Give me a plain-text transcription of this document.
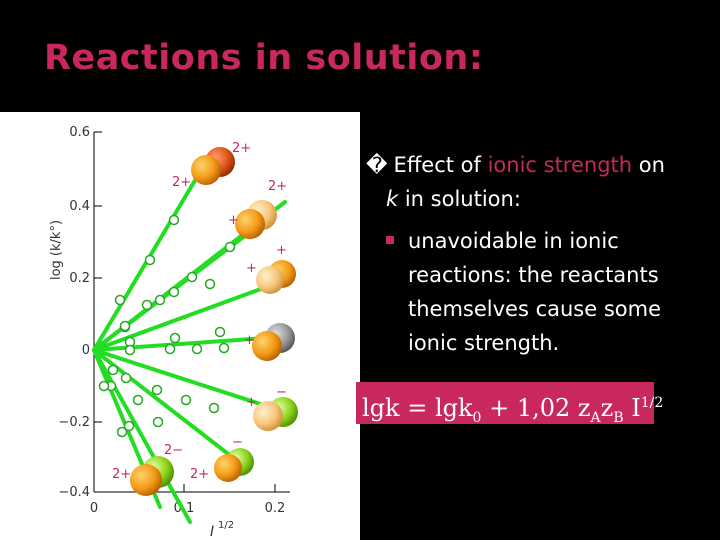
Reactions in solution:
0.6
0.4
0.2
0
−0.2
−0.4
0	0.1	0.2
log (k/k°)
I 1/2
2+
2+	2+
+
+
+
+
+
−
2−
−
2+	2+
� Effect of ionic strength on
k in solution:
unavoidable in ionic reactions: the reactants themselves cause some ionic strength.
lgk = lgk$_0$ + 1,02 $z_Az_B$ $I^{1/2}$
